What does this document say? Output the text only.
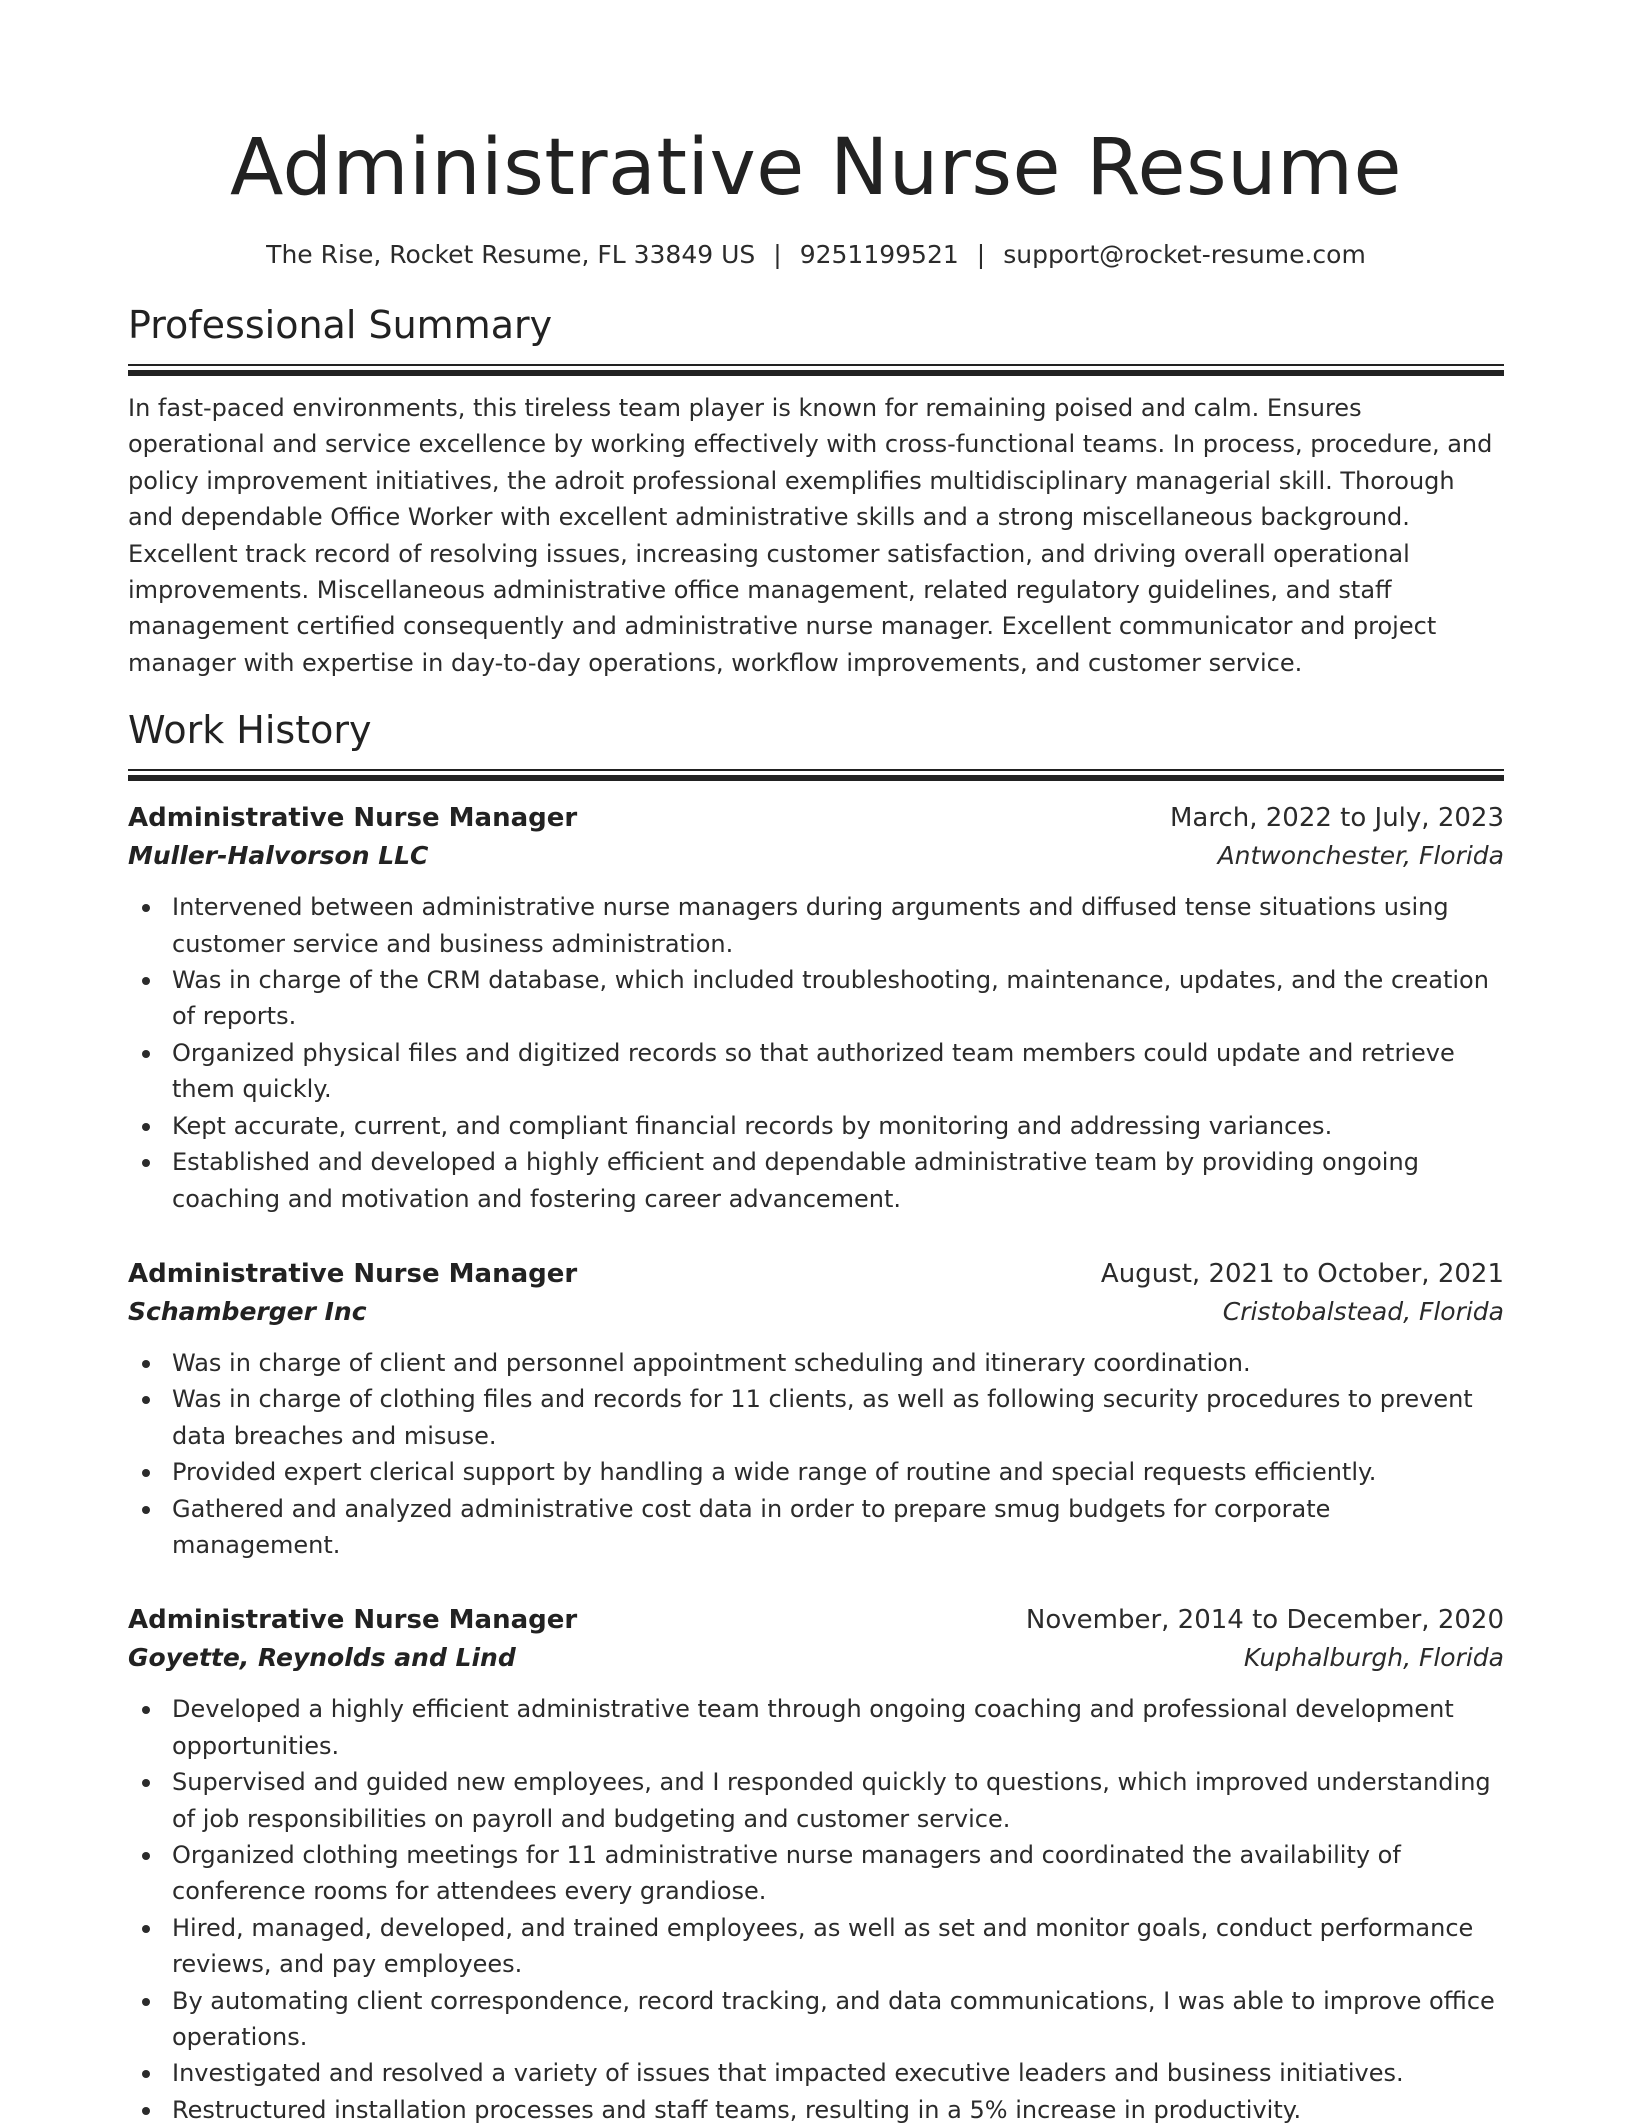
Administrative Nurse Resume
The Rise, Rocket Resume, FL 33849 US | 9251199521 | support@rocket-resume.com
Professional Summary

In fast-paced environments, this tireless team player is known for remaining poised and calm. Ensures operational and service excellence by working effectively with cross-functional teams. In process, procedure, and policy improvement initiatives, the adroit professional exemplifies multidisciplinary managerial skill. Thorough and dependable Office Worker with excellent administrative skills and a strong miscellaneous background. Excellent track record of resolving issues, increasing customer satisfaction, and driving overall operational improvements. Miscellaneous administrative office management, related regulatory guidelines, and staff management certified consequently and administrative nurse manager. Excellent communicator and project manager with expertise in day-to-day operations, workflow improvements, and customer service.

Work History
Administrative Nurse Manager	March, 2022 to July, 2023
Muller-Halvorson LLC	Antwonchester, Florida
Intervened between administrative nurse managers during arguments and diffused tense situations using customer service and business administration.
Was in charge of the CRM database, which included troubleshooting, maintenance, updates, and the creation of reports.
Organized physical files and digitized records so that authorized team members could update and retrieve them quickly.
Kept accurate, current, and compliant financial records by monitoring and addressing variances.
Established and developed a highly efficient and dependable administrative team by providing ongoing coaching and motivation and fostering career advancement.
Administrative Nurse Manager	August, 2021 to October, 2021
Schamberger Inc	Cristobalstead, Florida
Was in charge of client and personnel appointment scheduling and itinerary coordination.
Was in charge of clothing files and records for 11 clients, as well as following security procedures to prevent data breaches and misuse.
Provided expert clerical support by handling a wide range of routine and special requests efficiently.
Gathered and analyzed administrative cost data in order to prepare smug budgets for corporate management.
Administrative Nurse Manager	November, 2014 to December, 2020
Goyette, Reynolds and Lind	Kuphalburgh, Florida
Developed a highly efficient administrative team through ongoing coaching and professional development opportunities.
Supervised and guided new employees, and I responded quickly to questions, which improved understanding of job responsibilities on payroll and budgeting and customer service.
Organized clothing meetings for 11 administrative nurse managers and coordinated the availability of conference rooms for attendees every grandiose.
Hired, managed, developed, and trained employees, as well as set and monitor goals, conduct performance reviews, and pay employees.
By automating client correspondence, record tracking, and data communications, I was able to improve office operations.
Investigated and resolved a variety of issues that impacted executive leaders and business initiatives.
Restructured installation processes and staff teams, resulting in a 5% increase in productivity.
